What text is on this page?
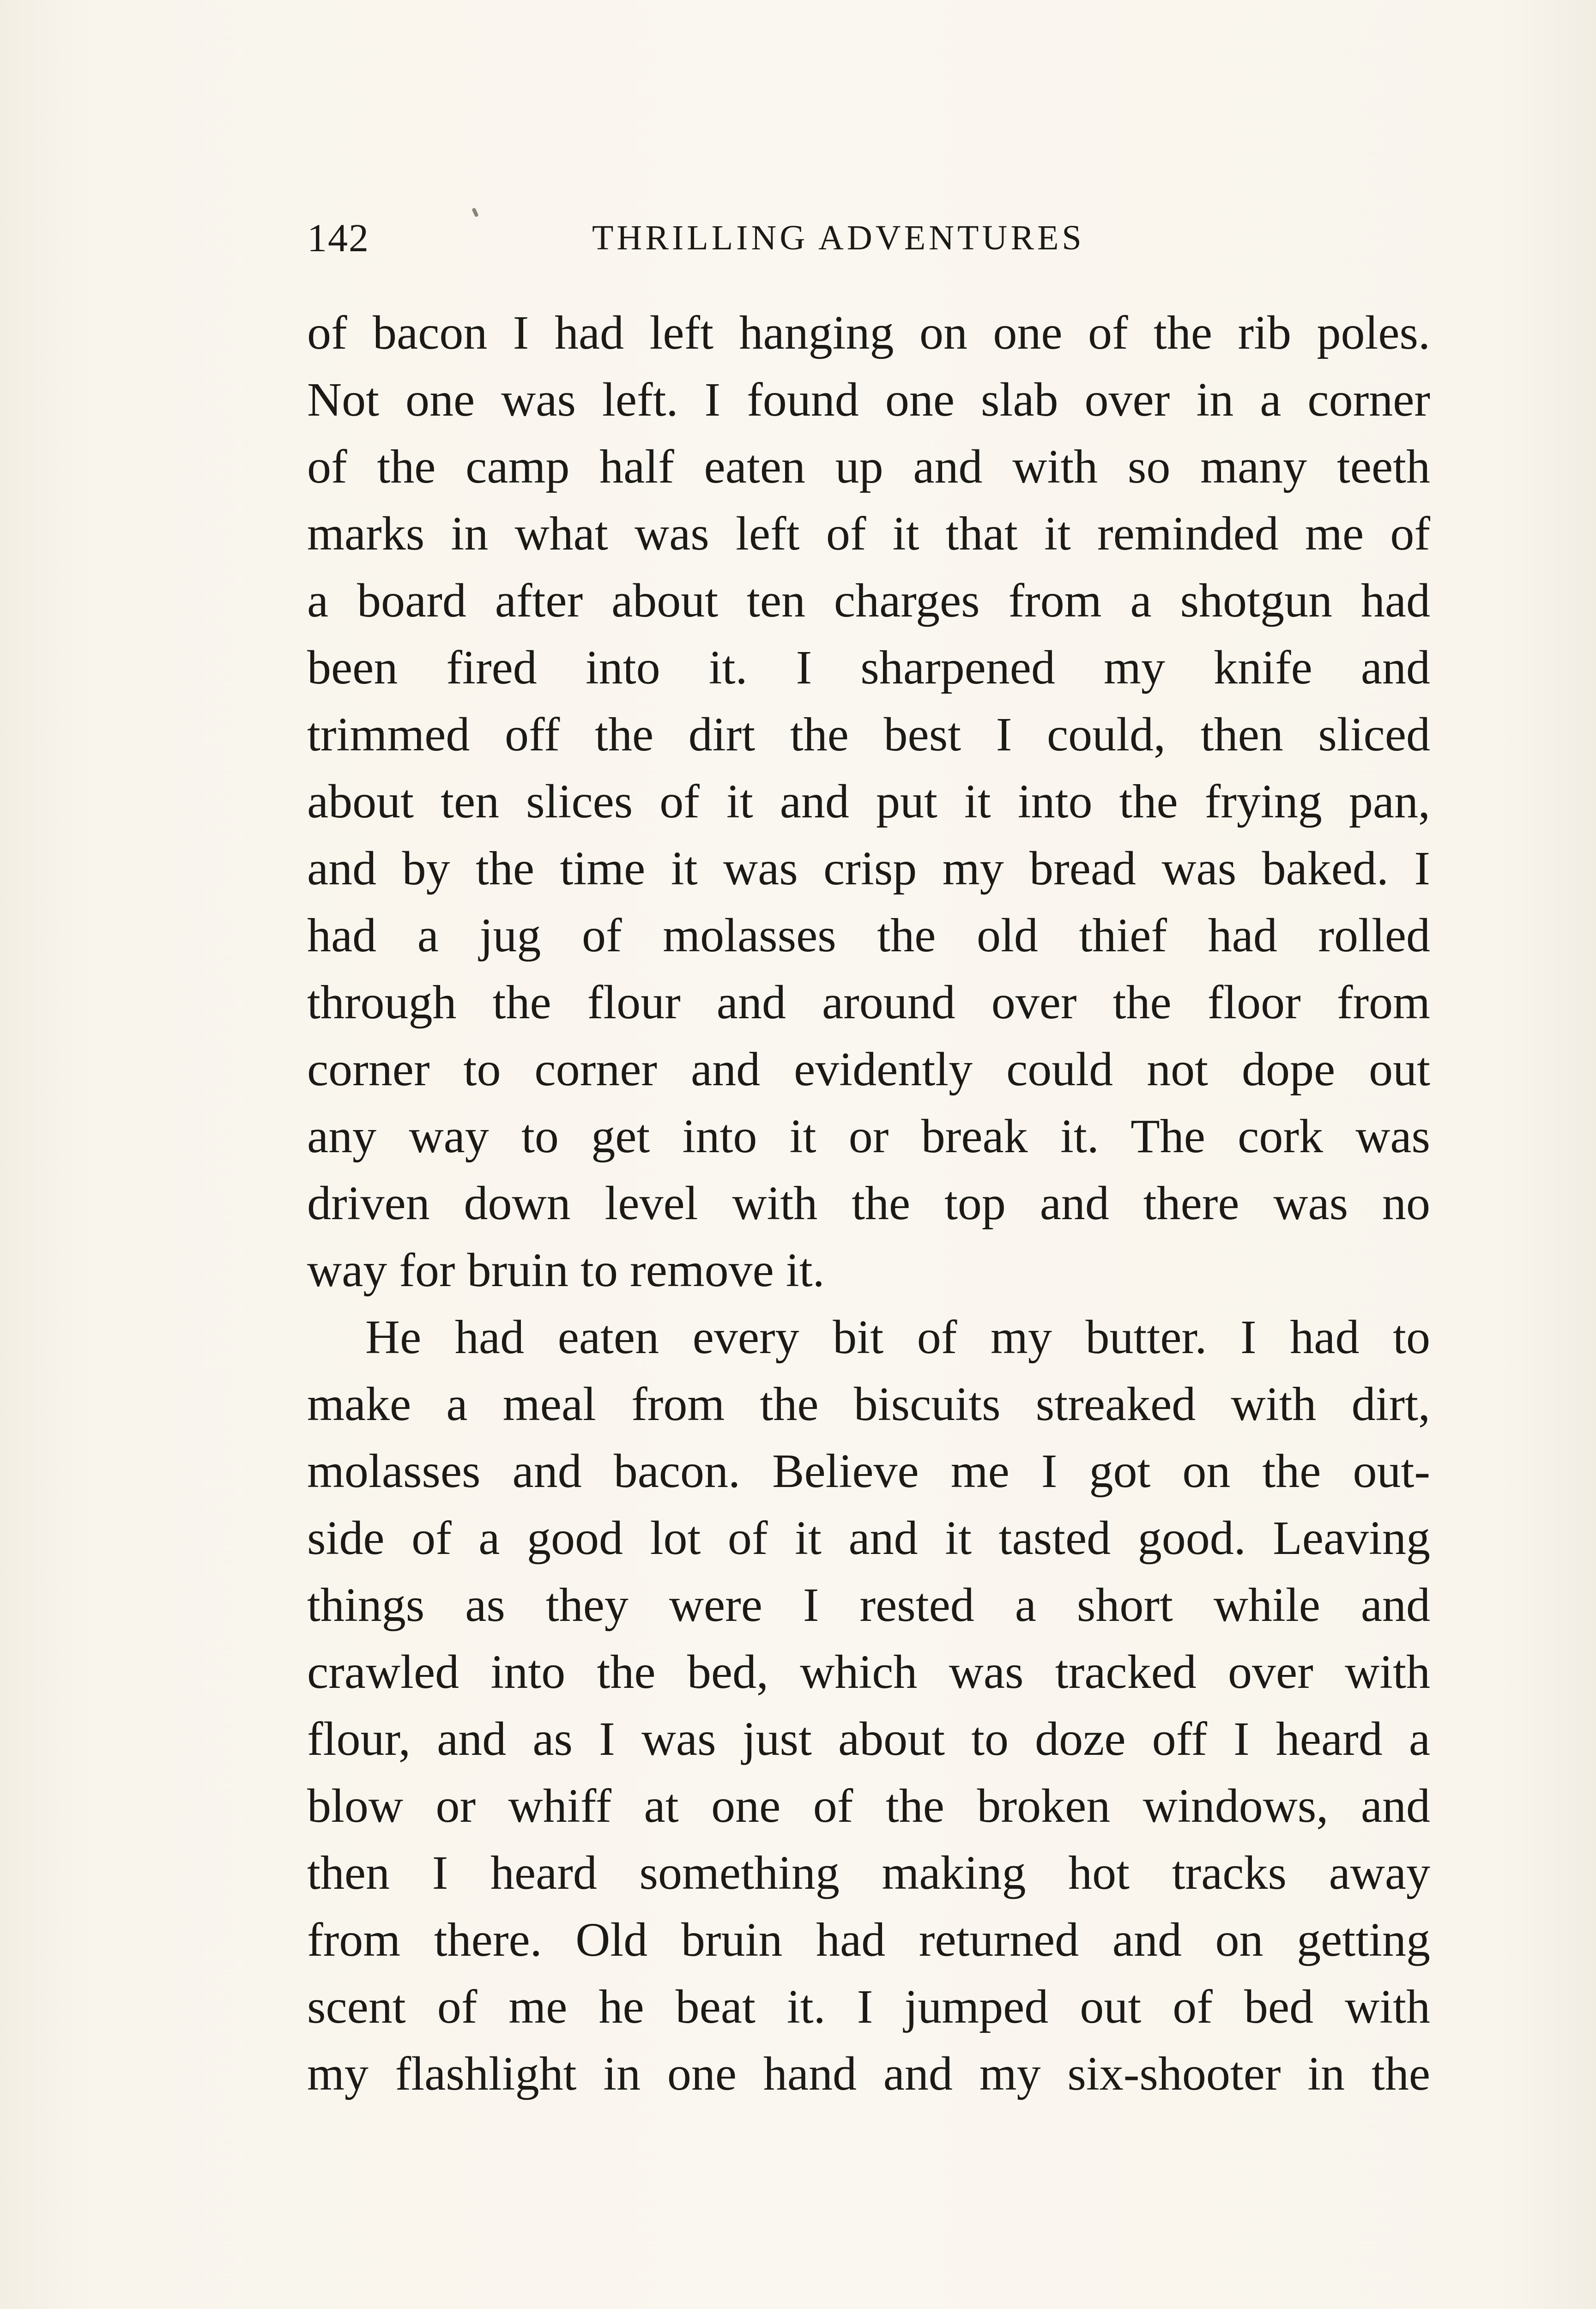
142	THRILLING ADVENTURES
of bacon I had left hanging on one of the rib poles.
Not one was left. I found one slab over in a corner
of the camp half eaten up and with so many teeth
marks in what was left of it that it reminded me of
a board after about ten charges from a shotgun had
been fired into it. I sharpened my knife and
trimmed off the dirt the best I could, then sliced
about ten slices of it and put it into the frying pan,
and by the time it was crisp my bread was baked. I
had a jug of molasses the old thief had rolled
through the flour and around over the floor from
corner to corner and evidently could not dope out
any way to get into it or break it. The cork was
driven down level with the top and there was no
way for bruin to remove it.
He had eaten every bit of my butter. I had to
make a meal from the biscuits streaked with dirt,
molasses and bacon. Believe me I got on the out-
side of a good lot of it and it tasted good. Leaving
things as they were I rested a short while and
crawled into the bed, which was tracked over with
flour, and as I was just about to doze off I heard a
blow or whiff at one of the broken windows, and
then I heard something making hot tracks away
from there. Old bruin had returned and on getting
scent of me he beat it. I jumped out of bed with
my flashlight in one hand and my six-shooter in the
